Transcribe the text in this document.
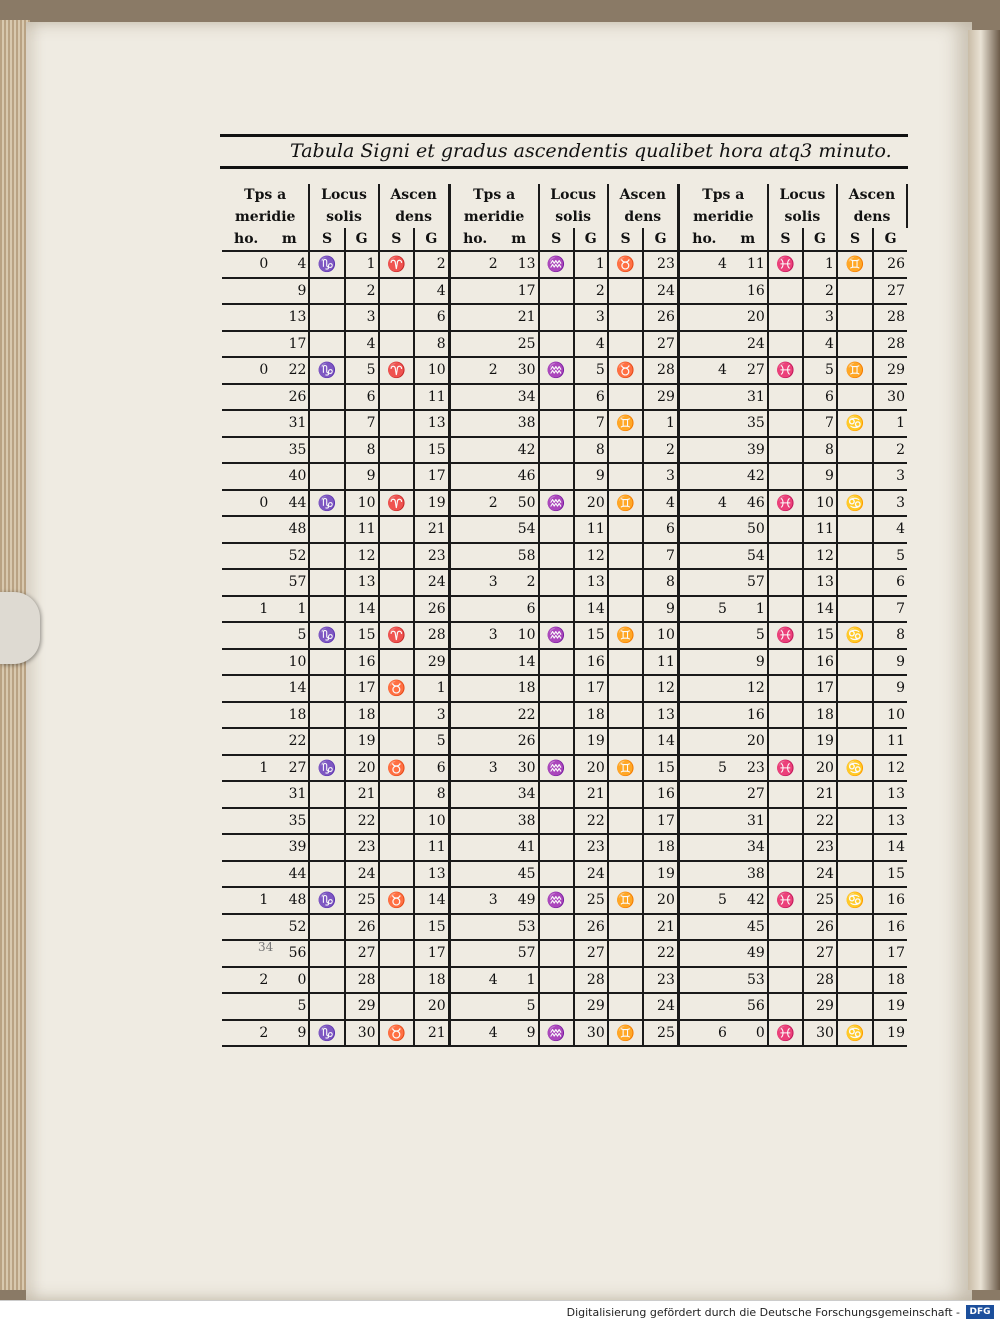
Tabula Signi et gradus ascendentis qualibet hora atq3 minuto.
Tps a		Locus		Ascen		Tps a		Locus		Ascen		Tps a		Locus		Ascen	
meridie		solis		dens		meridie		solis		dens		meridie		solis		dens	
ho.	m	S	G	S	G	ho.	m	S	G	S	G	ho.	m	S	G	S	G
0	4	♑	1	♈	2	2	13	♒	1	♉	23	4	11	♓	1	♊	26
	9		2		4		17		2		24		16		2		27
	13		3		6		21		3		26		20		3		28
	17		4		8		25		4		27		24		4		28
0	22	♑	5	♈	10	2	30	♒	5	♉	28	4	27	♓	5	♊	29
	26		6		11		34		6		29		31		6		30
	31		7		13		38		7	♊	1		35		7	♋	1
	35		8		15		42		8		2		39		8		2
	40		9		17		46		9		3		42		9		3
0	44	♑	10	♈	19	2	50	♒	20	♊	4	4	46	♓	10	♋	3
	48		11		21		54		11		6		50		11		4
	52		12		23		58		12		7		54		12		5
	57		13		24	3	2		13		8		57		13		6
1	1		14		26		6		14		9	5	1		14		7
	5	♑	15	♈	28	3	10	♒	15	♊	10		5	♓	15	♋	8
	10		16		29		14		16		11		9		16		9
	14		17	♉	1		18		17		12		12		17		9
	18		18		3		22		18		13		16		18		10
	22		19		5		26		19		14		20		19		11
1	27	♑	20	♉	6	3	30	♒	20	♊	15	5	23	♓	20	♋	12
	31		21		8		34		21		16		27		21		13
	35		22		10		38		22		17		31		22		13
	39		23		11		41		23		18		34		23		14
	44		24		13		45		24		19		38		24		15
1	48	♑	25	♉	14	3	49	♒	25	♊	20	5	42	♓	25	♋	16
	52		26		15		53		26		21		45		26		16
	56		27		17		57		27		22		49		27		17
2	0		28		18	4	1		28		23		53		28		18
	5		29		20		5		29		24		56		29		19
2	9	♑	30	♉	21	4	9	♒	30	♊	25	6	0	♓	30	♋	19
34
Digitalisierung gefördert durch die Deutsche Forschungsgemeinschaft -	DFG
